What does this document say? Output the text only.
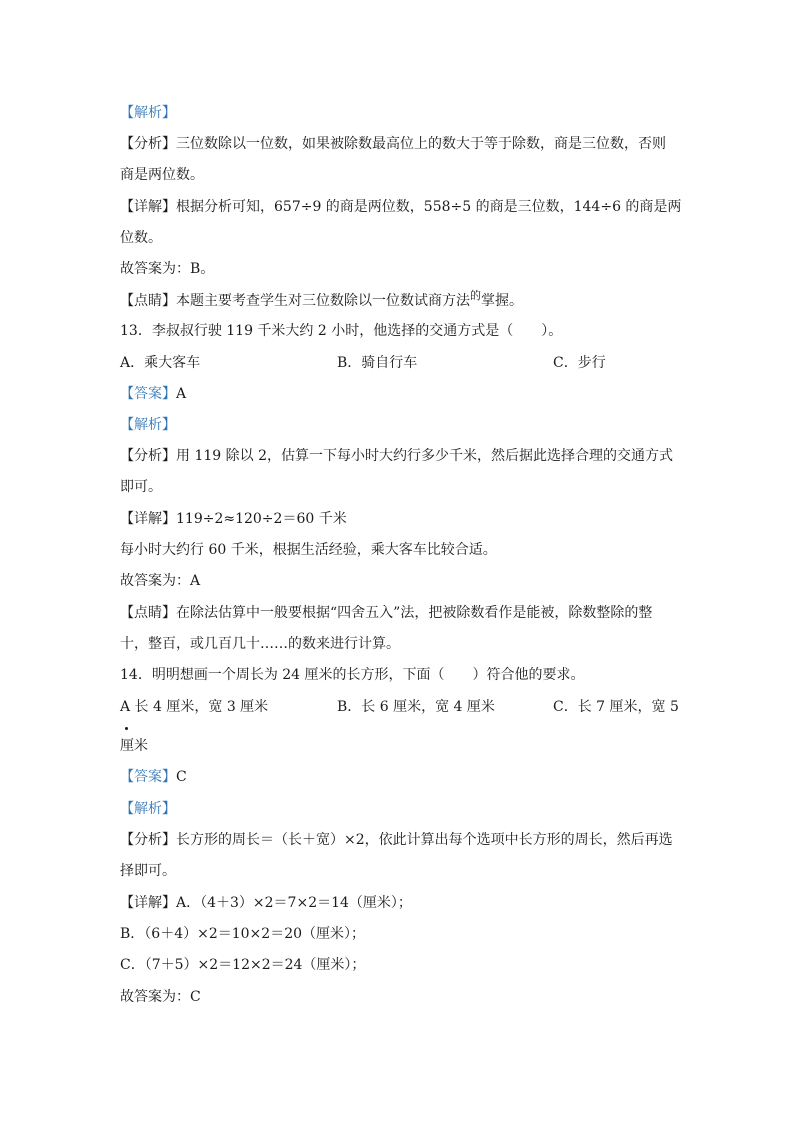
【解析】
【分析】三位数除以一位数，如果被除数最高位上的数大于等于除数，商是三位数，否则
商是两位数。
【详解】根据分析可知，657÷9 的商是两位数，558÷5 的商是三位数，144÷6 的商是两
位数。
故答案为：B。
【点睛】本题主要考查学生对三位数除以一位数试商方法$^的$掌握。
13．李叔叔行驶 119 千米大约 2 小时，他选择的交通方式是（　　）。
A．乘大客车	B．骑自行车	C．步行
【答案】A
【解析】
【分析】用 119 除以 2，估算一下每小时大约行多少千米，然后据此选择合理的交通方式
即可。
【详解】119÷2≈120÷2＝60 千米
每小时大约行 60 千米，根据生活经验，乘大客车比较合适。
故答案为：A
【点睛】在除法估算中一般要根据“四舍五入”法，把被除数看作是能被，除数整除的整
十，整百，或几百几十……的数来进行计算。
14．明明想画一个周长为 24 厘米的长方形，下面（　　）符合他的要求。
A 长 4 厘米，宽 3 厘米	B．长 6 厘米，宽 4 厘米	C．长 7 厘米，宽 5
厘米
【答案】C
【解析】
【分析】长方形的周长＝（长＋宽）×2，依此计算出每个选项中长方形的周长，然后再选
择即可。
【详解】A．（4＋3）×2＝7×2＝14（厘米）；
B．（6＋4）×2＝10×2＝20（厘米）；
C．（7＋5）×2＝12×2＝24（厘米）；
故答案为：C
